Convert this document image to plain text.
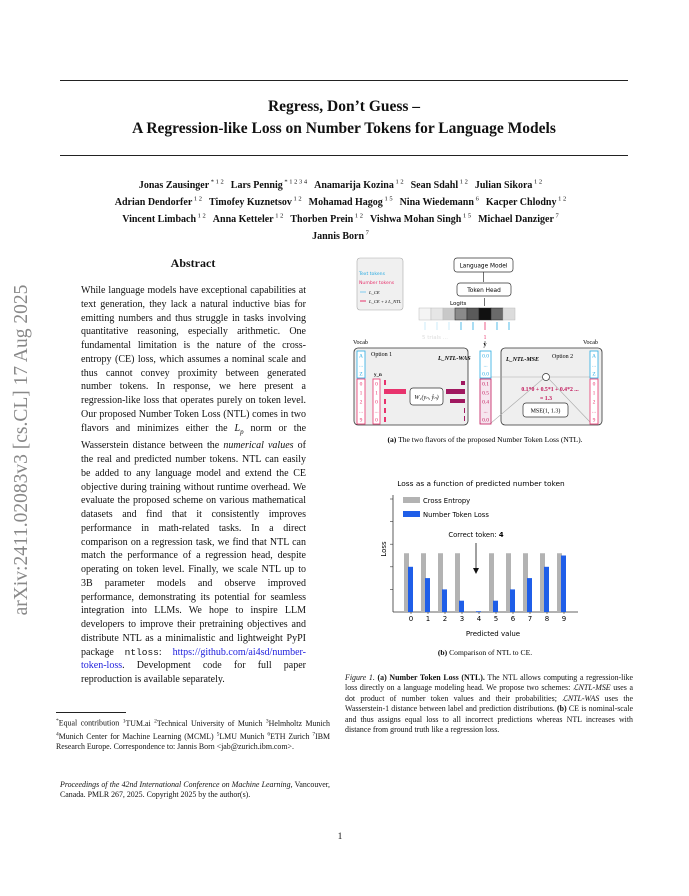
arXiv:2411.02083v3 [cs.CL] 17 Aug 2025
Regress, Don’t Guess –
A Regression-like Loss on Number Tokens for Language Models
Jonas Zausinger $^{* 1 2}$ Lars Pennig $^{* 1 2 3 4}$ Anamarija Kozina $^{1 2}$ Sean Sdahl $^{1 2}$ Julian Sikora $^{1 2}$
Adrian Dendorfer $^{1 2}$ Timofey Kuznetsov $^{1 2}$ Mohamad Hagog $^{1 5}$ Nina Wiedemann $^6$ Kacper Chlodny $^{1 2}$
Vincent Limbach $^{1 2}$ Anna Ketteler $^{1 2}$ Thorben Prein $^{1 2}$ Vishwa Mohan Singh $^{1 5}$ Michael Danziger $^7$
Jannis Born $^7$
Abstract
While language models have exceptional capabilities at text generation, they lack a natural inductive bias for emitting numbers and thus struggle in tasks involving quantitative reasoning, especially arithmetic. One fundamental limitation is the nature of the cross-entropy (CE) loss, which assumes a nominal scale and thus cannot convey proximity between generated number tokens. In response, we here present a regression-like loss that operates purely on token level. Our proposed Number Token Loss (NTL) comes in two flavors and minimizes either the $L_p$ norm or the Wasserstein distance between the numerical values of the real and predicted number tokens. NTL can easily be added to any language model and extend the CE objective during training without runtime overhead. We evaluate the proposed scheme on various mathematical datasets and find that it consistently improves performance in math-related tasks. In a direct comparison on a regression task, we find that NTL can match the performance of a regression head, despite operating on token level. Finally, we scale NTL up to 3B parameter models and observe improved performance, demonstrating its potential for seamless integration into LLMs. We hope to inspire LLM developers to improve their pretraining objectives and distribute NTL as a minimalistic and lightweight PyPI package ntloss: https://github.com/ai4sd/number-token-loss. Development code for full paper reproduction is available separately.
*Equal contribution $^1$TUM.ai $^2$Technical University of Munich $^3$Helmholtz Munich $^4$Munich Center for Machine Learning (MCML) $^5$LMU Munich $^6$ETH Zurich $^7$IBM Research Europe. Correspondence to: Jannis Born <jab@zurich.ibm.com>.
Proceedings of the 42nd International Conference on Machine Learning, Vancouver, Canada. PMLR 267, 2025. Copyright 2025 by the author(s).
Text tokens
Number tokens
L_CE
L_CE + λ L_NTL
Language Model
Token Head
Logits
5 trials ...	1
ŷ
Option 1
L_NTL-WAS
y_n
W₁(yₙ, ŷₙ)
L_NTL-MSE Option 2
0.1*0 + 0.5*1 + 0.4*2 ...
= 1.3
MSE(1, 1.3)
A
...
Z
0
1
2
...
9
0
1
0
...
0
0.0
...
0.0
0.1
0.5
0.4
...
0.0
A
...
Z
0
1
2
...
9
Vocab	Vocab
(a) The two flavors of the proposed Number Token Loss (NTL).
Loss as a function of predicted number token
Cross Entropy
Number Token Loss
Loss
0 1 2 3 4 5 6 7 8 9
Predicted value
Correct token: 4
(b) Comparison of NTL to CE.
Figure 1. (a) Number Token Loss (NTL). The NTL allows computing a regression-like loss directly on a language modeling head. We propose two schemes: ℒNTL-MSE uses a dot product of number token values and their probabilities; ℒNTL-WAS uses the Wasserstein-1 distance between label and prediction distributions. (b) CE is nominal-scale and thus assigns equal loss to all incorrect predictions whereas NTL increases with distance from ground truth like a regression loss.
1
